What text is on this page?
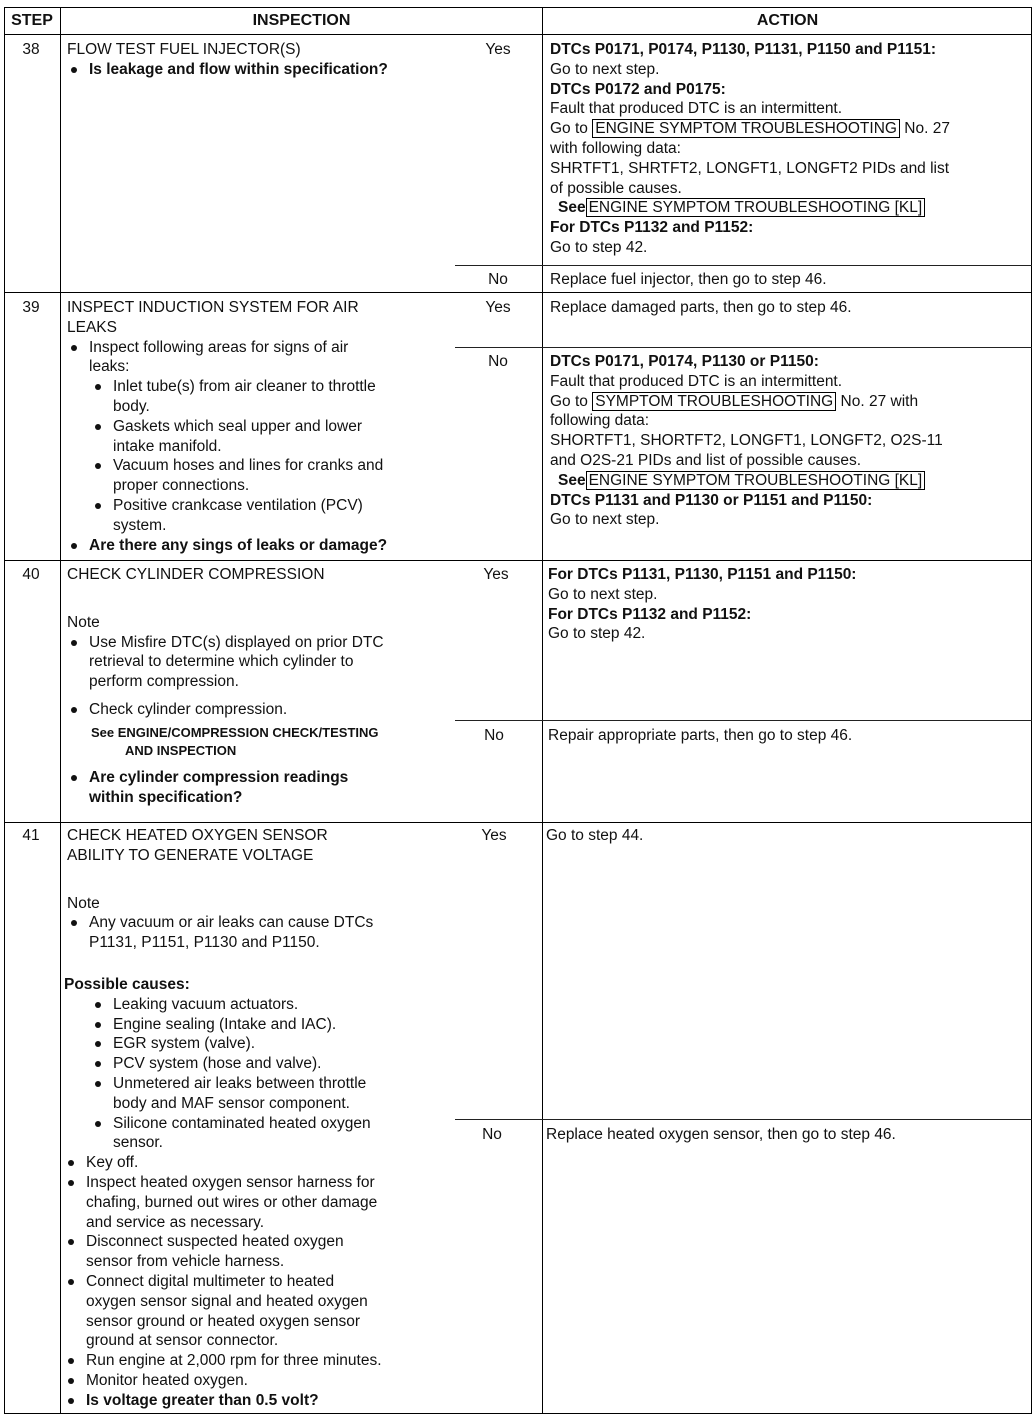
STEP	INSPECTION	ACTION
38	FLOW TEST FUEL INJECTOR(S)

Is leakage and flow within specification?

Yes	DTCs P0171, P0174, P1130, P1131, P1150 and P1151:

Go to next step.

DTCs P0172 and P0175:

Fault that produced DTC is an intermittent.

Go to ENGINE SYMPTOM TROUBLESHOOTING No. 27

with following data:

SHRTFT1, SHRTFT2, LONGFT1, LONGFT2 PIDs and list

of possible causes.

See ENGINE SYMPTOM TROUBLESHOOTING [KL]

For DTCs P1132 and P1152:

Go to step 42.

No	Replace fuel injector, then go to step 46.
39	INSPECT INDUCTION SYSTEM FOR AIR

LEAKS

Inspect following areas for signs of air

leaks:

Inlet tube(s) from air cleaner to throttle

body.

Gaskets which seal upper and lower

intake manifold.

Vacuum hoses and lines for cranks and

proper connections.

Positive crankcase ventilation (PCV)

system.

Are there any sings of leaks or damage?

Yes	Replace damaged parts, then go to step 46.
No	DTCs P0171, P0174, P1130 or P1150:

Fault that produced DTC is an intermittent.

Go to SYMPTOM TROUBLESHOOTING No. 27 with

following data:

SHORTFT1, SHORTFT2, LONGFT1, LONGFT2, O2S-11

and O2S-21 PIDs and list of possible causes.

See ENGINE SYMPTOM TROUBLESHOOTING [KL]

DTCs P1131 and P1130 or P1151 and P1150:

Go to next step.

40	CHECK CYLINDER COMPRESSION

Note

Use Misfire DTC(s) displayed on prior DTC

retrieval to determine which cylinder to

perform compression.

Check cylinder compression.

See ENGINE/COMPRESSION CHECK/TESTING

AND INSPECTION

Are cylinder compression readings

within specification?

Yes	For DTCs P1131, P1130, P1151 and P1150:

Go to next step.

For DTCs P1132 and P1152:

Go to step 42.

No	Repair appropriate parts, then go to step 46.
41	CHECK HEATED OXYGEN SENSOR

ABILITY TO GENERATE VOLTAGE

Note

Any vacuum or air leaks can cause DTCs

P1131, P1151, P1130 and P1150.

Possible causes:

Leaking vacuum actuators.

Engine sealing (Intake and IAC).

EGR system (valve).

PCV system (hose and valve).

Unmetered air leaks between throttle

body and MAF sensor component.

Silicone contaminated heated oxygen

sensor.

Key off.

Inspect heated oxygen sensor harness for

chafing, burned out wires or other damage

and service as necessary.

Disconnect suspected heated oxygen

sensor from vehicle harness.

Connect digital multimeter to heated

oxygen sensor signal and heated oxygen

sensor ground or heated oxygen sensor

ground at sensor connector.

Run engine at 2,000 rpm for three minutes.

Monitor heated oxygen.

Is voltage greater than 0.5 volt?

Yes	Go to step 44.
No	Replace heated oxygen sensor, then go to step 46.
